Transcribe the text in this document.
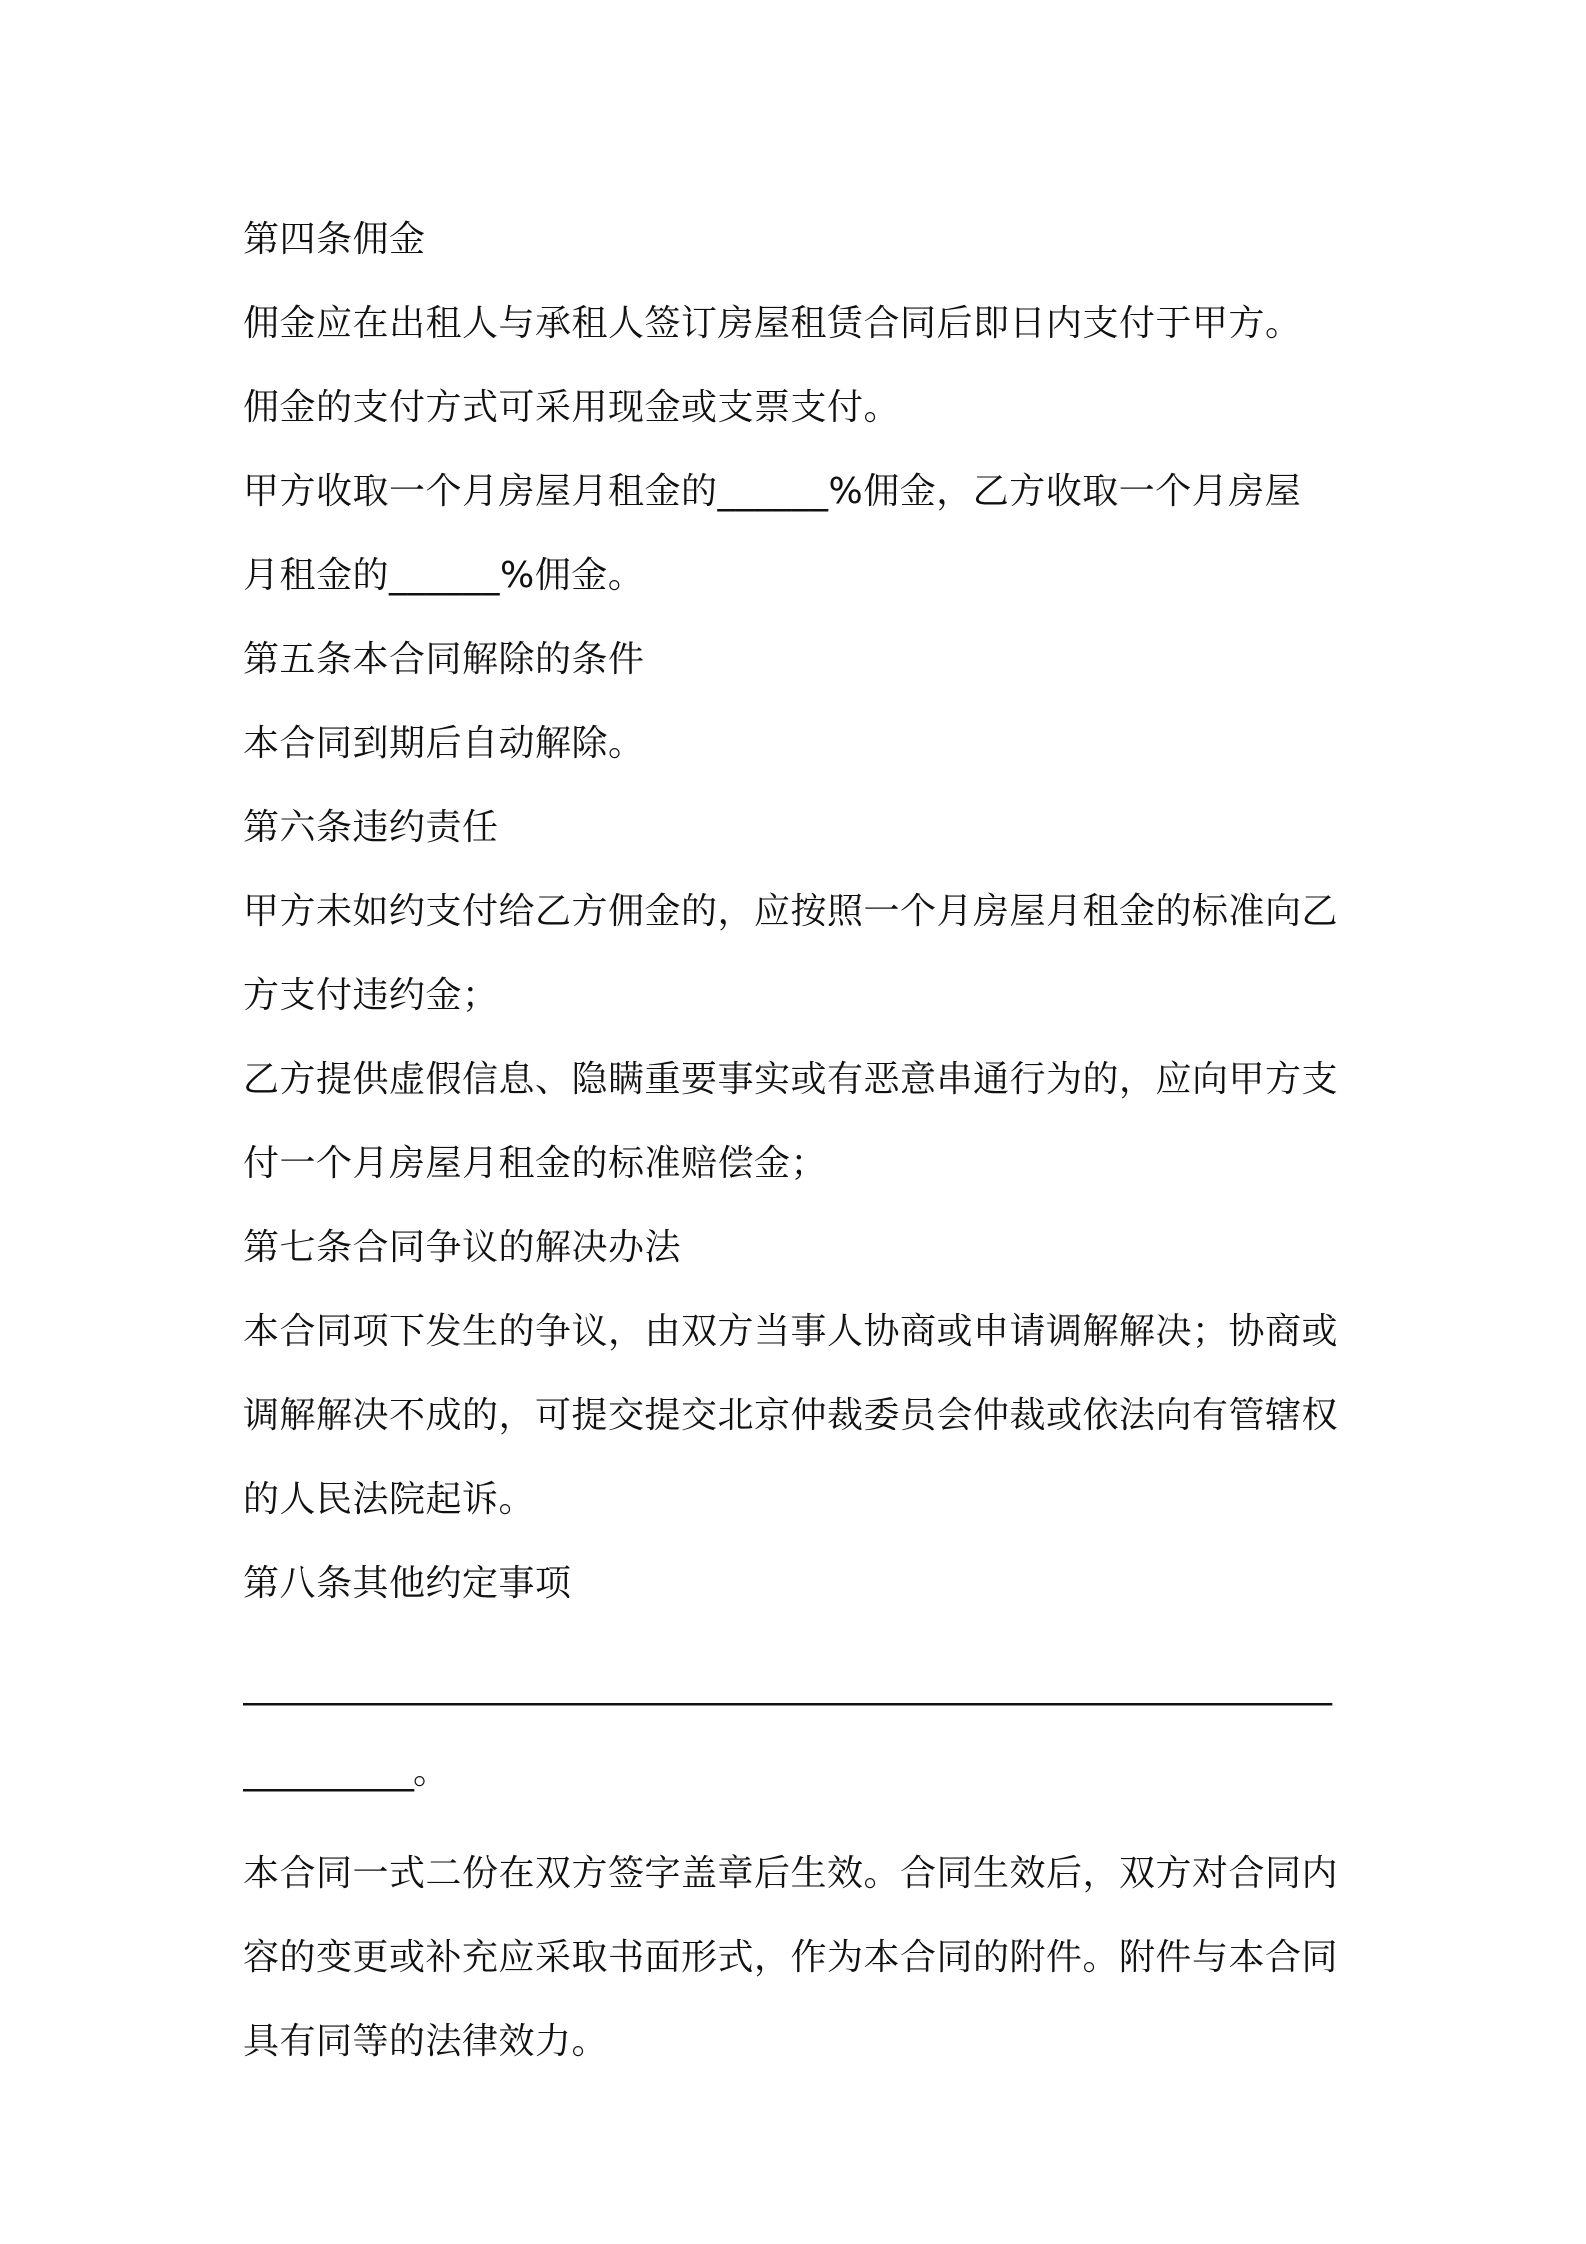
第四条佣金
佣金应在出租人与承租人签订房屋租赁合同后即日内支付于甲方。
佣金的支付方式可采用现金或支票支付。
甲方收取一个月房屋月租金的______%佣金，乙方收取一个月房屋
月租金的______%佣金。
第五条本合同解除的条件
本合同到期后自动解除。
第六条违约责任
甲方未如约支付给乙方佣金的，应按照一个月房屋月租金的标准向乙
方支付违约金；
乙方提供虚假信息、隐瞒重要事实或有恶意串通行为的，应向甲方支
付一个月房屋月租金的标准赔偿金；
第七条合同争议的解决办法
本合同项下发生的争议，由双方当事人协商或申请调解解决；协商或
调解解决不成的，可提交提交北京仲裁委员会仲裁或依法向有管辖权
的人民法院起诉。
第八条其他约定事项
________________________________________________________________
__________。
本合同一式二份在双方签字盖章后生效。合同生效后，双方对合同内
容的变更或补充应采取书面形式，作为本合同的附件。附件与本合同
具有同等的法律效力。
